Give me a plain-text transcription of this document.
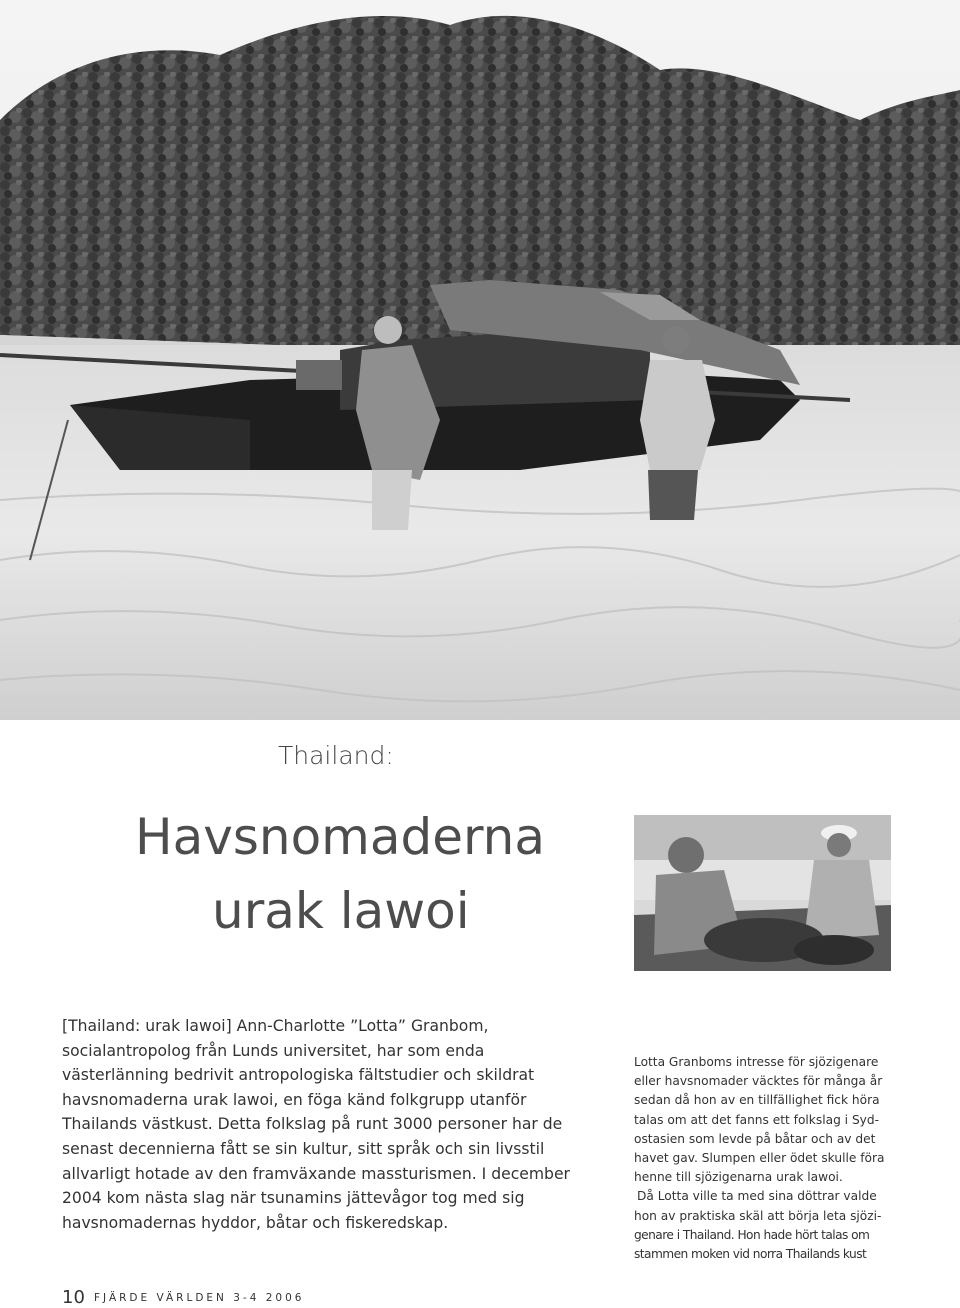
Thailand:
Havsnomaderna
urak lawoi
[Thailand: urak lawoi] Ann-Charlotte ”Lotta” Granbom,
socialantropolog från Lunds universitet, har som enda
västerlänning bedrivit antropologiska fältstudier och skildrat
havsnomaderna urak lawoi, en föga känd folkgrupp utanför
Thailands västkust. Detta folkslag på runt 3000 personer har de
senast decennierna fått se sin kultur, sitt språk och sin livsstil
allvarligt hotade av den framväxande massturismen. I december
2004 kom nästa slag när tsunamins jättevågor tog med sig
havsnomadernas hyddor, båtar och fiskeredskap.
Lotta Granboms intresse för sjözigenare
eller havsnomader väcktes för många år
sedan då hon av en tillfällighet fick höra
talas om att det fanns ett folkslag i Syd-
ostasien som levde på båtar och av det
havet gav. Slumpen eller ödet skulle föra
henne till sjözigenarna urak lawoi.
Då Lotta ville ta med sina döttrar valde
hon av praktiska skäl att börja leta sjözi-
genare i Thailand. Hon hade hört talas om
stammen moken vid norra Thailands kust
10 FJÄRDE VÄRLDEN 3-4 2006
